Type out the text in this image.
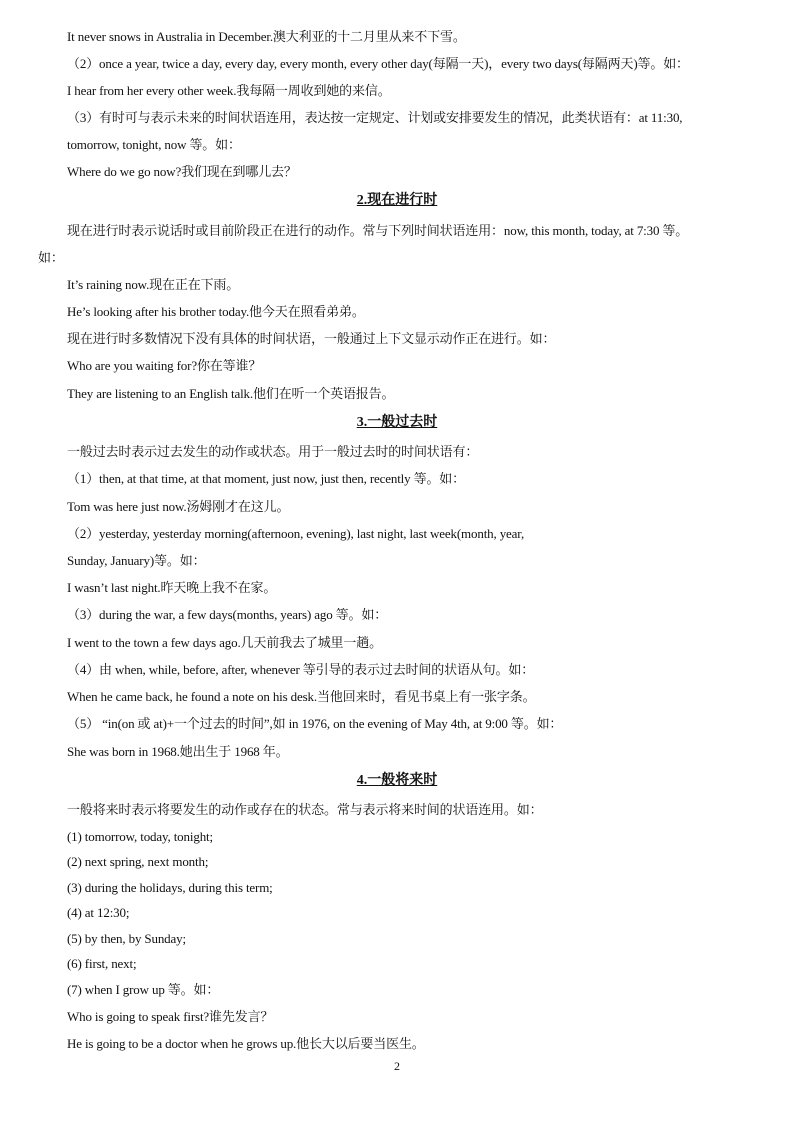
It never snows in Australia in December.澳大利亚的十二月里从来不下雪。
（2）once a year, twice a day, every day, every month, every other day(每隔一天)，every two days(每隔两天)等。如：
I hear from her every other week.我每隔一周收到她的来信。
（3）有时可与表示未来的时间状语连用，表达按一定规定、计划或安排要发生的情况，此类状语有：at 11:30,
tomorrow, tonight, now 等。如：
Where do we go now?我们现在到哪儿去？
2.现在进行时
现在进行时表示说话时或目前阶段正在进行的动作。常与下列时间状语连用：now, this month, today, at 7:30 等。
如：
It’s raining now.现在正在下雨。
He’s looking after his brother today.他今天在照看弟弟。
现在进行时多数情况下没有具体的时间状语，一般通过上下文显示动作正在进行。如：
Who are you waiting for?你在等谁？
They are listening to an English talk.他们在听一个英语报告。
3.一般过去时
一般过去时表示过去发生的动作或状态。用于一般过去时的时间状语有：
（1）then, at that time, at that moment, just now, just then, recently 等。如：
Tom was here just now.汤姆刚才在这儿。
（2）yesterday, yesterday morning(afternoon, evening), last night, last week(month, year,
Sunday, January)等。如：
I wasn’t last night.昨天晚上我不在家。
（3）during the war, a few days(months, years) ago 等。如：
I went to the town a few days ago.几天前我去了城里一趟。
（4）由 when, while, before, after, whenever 等引导的表示过去时间的状语从句。如：
When he came back, he found a note on his desk.当他回来时，看见书桌上有一张字条。
（5） “in(on 或 at)+一个过去的时间”,如 in 1976, on the evening of May 4th, at 9:00 等。如：
She was born in 1968.她出生于 1968 年。
4.一般将来时
一般将来时表示将要发生的动作或存在的状态。常与表示将来时间的状语连用。如：
(1) tomorrow, today, tonight;
(2) next spring, next month;
(3) during the holidays, during this term;
(4) at 12:30;
(5) by then, by Sunday;
(6) first, next;
(7) when I grow up 等。如：
Who is going to speak first?谁先发言？
He is going to be a doctor when he grows up.他长大以后要当医生。
2
